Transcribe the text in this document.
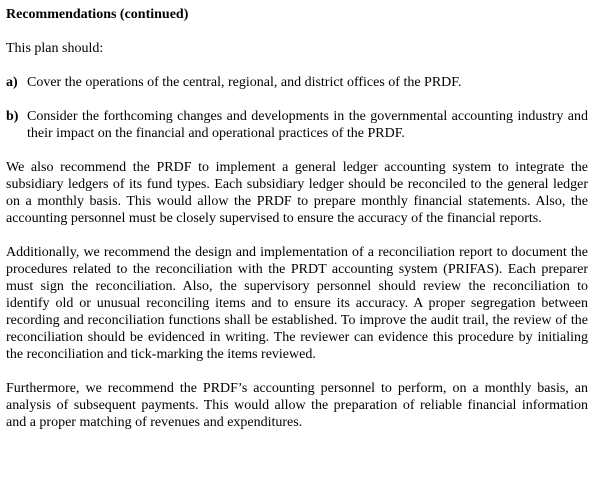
Recommendations (continued)

This plan should:

a) Cover the operations of the central, regional, and district offices of the PRDF.
b) Consider the forthcoming changes and developments in the governmental accounting industry and their impact on the financial and operational practices of the PRDF.

We also recommend the PRDF to implement a general ledger accounting system to integrate the subsidiary ledgers of its fund types. Each subsidiary ledger should be reconciled to the general ledger on a monthly basis. This would allow the PRDF to prepare monthly financial statements. Also, the accounting personnel must be closely supervised to ensure the accuracy of the financial reports.

Additionally, we recommend the design and implementation of a reconciliation report to document the procedures related to the reconciliation with the PRDT accounting system (PRIFAS). Each preparer must sign the reconciliation. Also, the supervisory personnel should review the reconciliation to identify old or unusual reconciling items and to ensure its accuracy. A proper segregation between recording and reconciliation functions shall be established. To improve the audit trail, the review of the reconciliation should be evidenced in writing. The reviewer can evidence this procedure by initialing the reconciliation and tick-marking the items reviewed.

Furthermore, we recommend the PRDF’s accounting personnel to perform, on a monthly basis, an analysis of subsequent payments. This would allow the preparation of reliable financial information and a proper matching of revenues and expenditures.
